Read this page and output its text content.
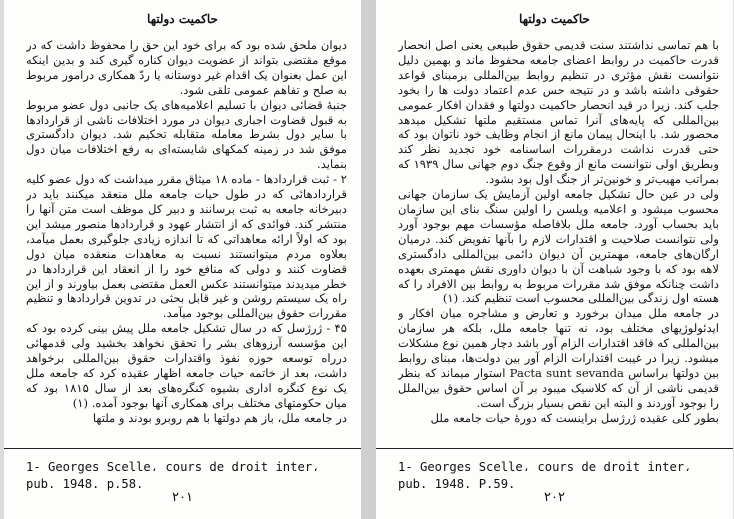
حاکمیت دولتها

دیوان ملحق شده بود که برای خود این حق را محفوظ داشت که در موقع مقتضی بتواند از عضویت دیوان کناره گیری کند و بدین اینکه این عمل بعنوان یک اقدام غیر دوستانه یا ردّ همکاری درامور مربوط به صلح و تفاهم عمومی تلقی شود.

جنبهٔ قضائی دیوان با تسلیم اعلامیه‌های یک جانبی دول عضو مربوط به قبول قضاوت اجباری دیوان در مورد اختلافات ناشی از قراردادها با سایر دول بشرط معامله متقابله تحکیم شد. دیوان دادگستری موفق شد در زمینه کمکهای شایسته‌ای به رفع اختلافات میان دول بنماید.

۲ - ثبت قراردادها - ماده ۱۸ میثاق مقرر میداشت که دول عضو کلیه قراردادهائی که در طول حیات جامعه ملل منعقد میکنند باید در دبیرخانه جامعه به ثبت برسانند و دبیر کل موظف است متن آنها را منتشر کند. فوائدی که از انتشار عهود و قراردادها منصور میشد این بود که اولاً ارائه معاهداتی که تا اندازه زیادی جلوگیری بعمل میآمد، بعلاوه مردم میتوانستند نسبت به معاهدات منعقده میان دول قضاوت کنند و دولی که منافع خود را از انعقاد این قراردادها در خطر میدیدند میتوانستند عکس العمل مقتضی بعمل بیاورند و از این راه یک سیستم روشن و غیر قابل بحثی در تدوین قراردادها و تنظیم مقررات حقوق بین‌المللی بوجود میآمد.

۴۵ - ژرژسل که در سال تشکیل جامعه ملل پیش بینی کرده بود که این مؤسسه آرزوهای بشر را تحقق نخواهد بخشید ولی قدمهائی درراه توسعه حوزه نفوذ واقتدارات حقوق بین‌المللی برخواهد داشت، بعد از خاتمه حیات جامعه اظهار عقیده کرد که جامعه ملل یک نوع کنگره اداری بشیوه کنگره‌های بعد از سال ۱۸۱۵ بود که میان حکومتهای مختلف برای همکاری آنها بوجود آمده. (۱)

در جامعه ملل، باز هم دولتها با هم روبرو بودند و ملتها

1- Georges Scelle، cours de droit inter،
pub. 1948. p.58.
۲۰۱
حاکمیت دولتها

با هم تماسی نداشتند سنت قدیمی حقوق طبیعی یعنی اصل انحصار قدرت حاکمیت در روابط اعضای جامعه محفوظ ماند و بهمین دلیل نتوانست نقش مؤثری در تنظیم روابط بین‌المللی برمبنای قواعد حقوقی داشته باشد و در نتیجه حس عدم اعتماد دولت ها را بخود جلب کند. زیرا در قید انحصار حاکمیت دولتها و فقدان افکار عمومی بین‌المللی که پایه‌های آنرا تماس مستقیم ملتها تشکیل میدهد محصور شد. با اینحال پیمان مانع از انجام وظایف خود ناتوان بود که حتی قدرت نداشت درمقررات اساسنامه خود تجدید نظر کند وبطریق اولی نتوانست مانع از وقوع جنگ دوم جهانی سال ۱۹۳۹ که بمراتب مهیب‌تر و خونین‌تر از جنگ اول بود بشود.

ولی در عین حال تشکیل جامعه اولین آزمایش یک سازمان جهانی محسوب میشود و اعلامیه ویلسن را اولین سنگ بنای این سازمان باید بحساب آورد. جامعه ملل بلافاصله مؤسسات مهم بوجود آورد ولی نتوانست صلاحیت و اقتدارات لازم را بآنها تفویض کند. درمیان ارگان‌های جامعه، مهمترین آن دیوان دائمی بین‌المللی دادگستری لاهه بود که با وجود شباهت آن با دیوان داوری نقش مهمتری بعهده داشت چنانکه موفق شد مقررات مربوط به روابط بین الافراد را که هسته اول زندگی بین‌المللی محسوب است تنظیم کند. (۱)

در جامعه ملل میدان برخورد و تعارض و مشاجره میان افکار و ایدئولوژیهای مختلف بود، نه تنها جامعه ملل، بلکه هر سازمان بین‌المللی که فاقد اقتدارات الزام آور باشد دچار همین نوع مشکلات میشود. زیرا در غیبت اقتدارات الزام آور بین دولت‌ها، مبنای روابط بین دولتها براساس Pacta sunt sevanda استوار میماند که بنظر قدیمی ناشی از آن که کلاسیک میبود بر آن اساس حقوق بین‌الملل را بوجود آوردند و البته این نقص بسیار بزرگ است.

بطور کلی عقیده ژرژسل براینست که دورهٔ حیات جامعه ملل

1- Georges Scelle، cours de droit inter،
pub. 1948. P.59.
۲۰۲
